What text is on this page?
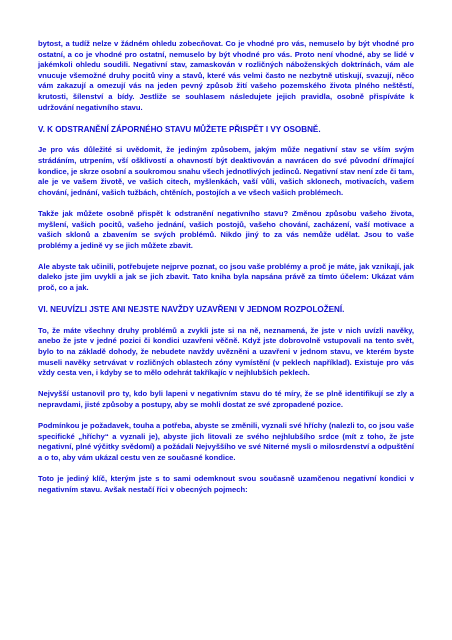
bytost, a tudíž nelze v žádném ohledu zobecňovat. Co je vhodné pro vás, nemuselo by být vhodné pro ostatní, a co je vhodné pro ostatní, nemuselo by být vhodné pro vás. Proto není vhodné, aby se lidé v jakémkoli ohledu soudili. Negativní stav, zamaskován v rozličných náboženských doktrínách, vám ale vnucuje všemožné druhy pocitů viny a stavů, které vás velmi často ne nezbytně utiskují, svazují, něco vám zakazují a omezují vás na jeden pevný způsob žití vašeho pozemského života plného neštěstí, krutosti, šílenství a bídy. Jestliže se souhlasem následujete jejich pravidla, osobně přispíváte k udržování negativního stavu.

V. K ODSTRANĚNÍ ZÁPORNÉHO STAVU MŮŽETE PŘISPĚT I VY OSOBNĚ.

Je pro vás důležité si uvědomit, že jediným způsobem, jakým může negativní stav se vším svým strádáním, utrpením, vší ošklivostí a ohavností být deaktivován a navrácen do své původní dřímající kondice, je skrze osobní a soukromou snahu všech jednotlivých jedinců. Negativní stav není zde či tam, ale je ve vašem životě, ve vašich citech, myšlenkách, vaší vůli, vašich sklonech, motivacích, vašem chování, jednání, vašich tužbách, chtěních, postojích a ve všech vašich problémech.

Takže jak můžete osobně přispět k odstranění negativního stavu? Změnou způsobu vašeho života, myšlení, vašich pocitů, vašeho jednání, vašich postojů, vašeho chování, zacházení, vaší motivace a vašich sklonů a zbavením se svých problémů. Nikdo jiný to za vás nemůže udělat. Jsou to vaše problémy a jedině vy se jich můžete zbavit.

Ale abyste tak učinili, potřebujete nejprve poznat, co jsou vaše problémy a proč je máte, jak vznikají, jak daleko jste jim uvykli a jak se jich zbavit. Tato kniha byla napsána právě za tímto účelem: Ukázat vám proč, co a jak.

VI. NEUVÍZLI JSTE ANI NEJSTE NAVŽDY UZAVŘENI V JEDNOM ROZPOLOŽENÍ.

To, že máte všechny druhy problémů a zvykli jste si na ně, neznamená, že jste v nich uvízli navěky, anebo že jste v jedné pozici či kondici uzavřeni věčně. Když jste dobrovolně vstupovali na tento svět, bylo to na základě dohody, že nebudete navždy uvězněni a uzavřeni v jednom stavu, ve kterém byste museli navěky setrvávat v rozličných oblastech zóny vymístění (v peklech například). Existuje pro vás vždy cesta ven, i kdyby se to mělo odehrát takříkajíc v nejhlubších peklech.

Nejvyšší ustanovil pro ty, kdo byli lapeni v negativním stavu do té míry, že se plně identifikují se zly a nepravdami, jisté způsoby a postupy, aby se mohli dostat ze své zpropadené pozice.

Podmínkou je požadavek, touha a potřeba, abyste se změnili, vyznali své hříchy (nalezli to, co jsou vaše specifické „hříchy“ a vyznali je), abyste jich litovali ze svého nejhlubšího srdce (mít z toho, že jste negativní, plné výčitky svědomí) a požádali Nejvyššího ve své Niterné mysli o milosrdenství a odpuštění a o to, aby vám ukázal cestu ven ze současné kondice.

Toto je jediný klíč, kterým jste s to sami odemknout svou současně uzamčenou negativní kondici v negativním stavu. Avšak nestačí říci v obecných pojmech:
